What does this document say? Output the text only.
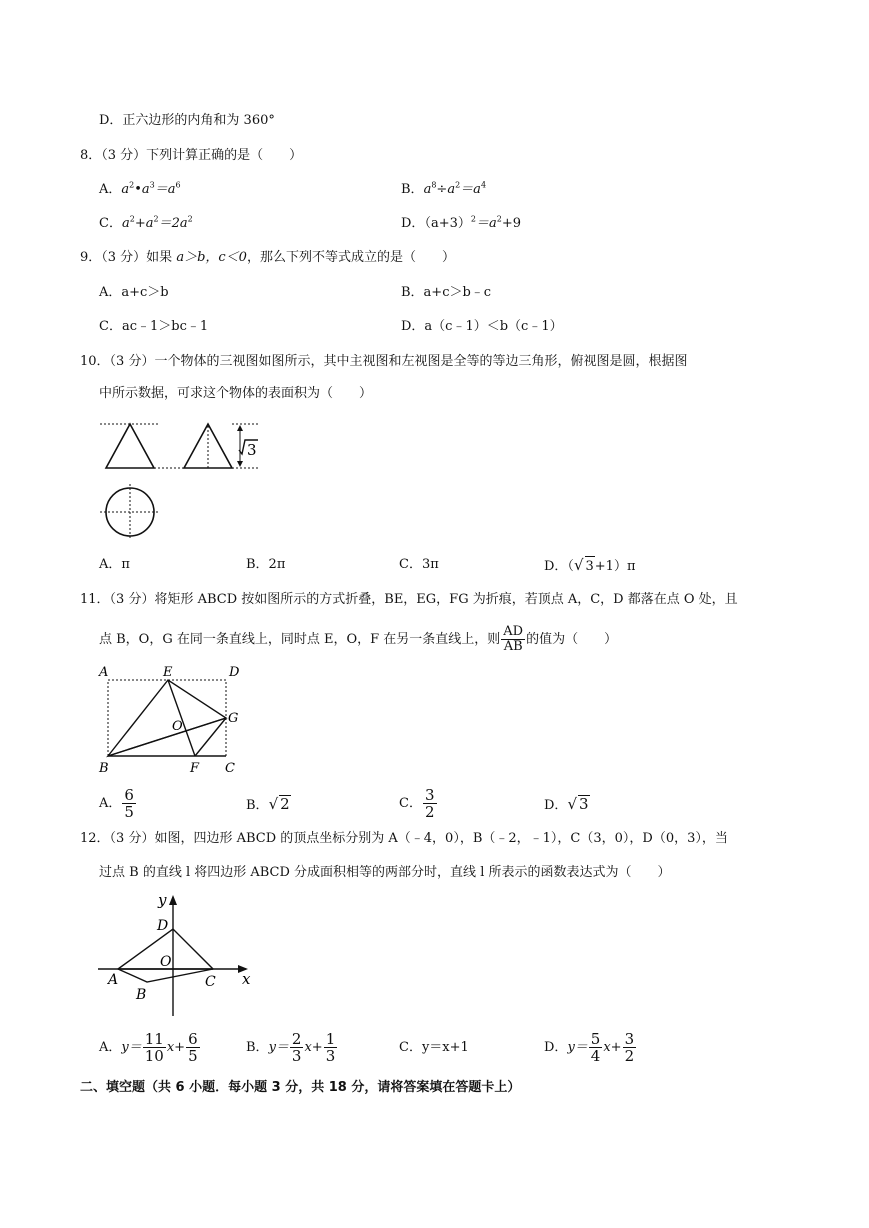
D．正六边形的内角和为 360°
8．（3 分）下列计算正确的是（　　）
A．$a^2•a^3=a^6$	B．$a^8\div a^2=a^4$
C．$a^2+a^2=2a^2$	D．$(a+3)^2=a^2+9$
9．（3 分）如果 a＞b，c＜0，那么下列不等式成立的是（　　）
A．a+c＞b	B．a+c＞b﹣c
C．ac﹣1＞bc﹣1	D．a（c﹣1）＜b（c﹣1）
10．（3 分）一个物体的三视图如图所示，其中主视图和左视图是全等的等边三角形，俯视图是圆，根据图
中所示数据，可求这个物体的表面积为（　　）
3
A．π	B．2π	C．3π	D．（√ 3+1）π
11．（3 分）将矩形 ABCD 按如图所示的方式折叠，BE，EG，FG 为折痕，若顶点 A，C，D 都落在点 O 处，且
点 B，O，G 在同一条直线上，同时点 E，O，F 在另一条直线上，则 $\frac{AD}{AB}$ 的值为（　　）
A	E	D
O
G
B	F C
A． $\frac{6}{5}$	B．√ 2	C． $\frac{3}{2}$	D．√ 3
12．（3 分）如图，四边形 ABCD 的顶点坐标分别为 A（﹣4，0），B（﹣2，﹣1），C（3，0），D（0，3），当
过点 B 的直线 l 将四边形 ABCD 分成面积相等的两部分时，直线 l 所表示的函数表达式为（　　）
y
x
D
O
A
B
C
A．$y= \frac{11}{10} x+ \frac{6}{5}$	B．$y= \frac{2}{3} x+ \frac{1}{3}$	C．y＝x+1	D．$y= \frac{5}{4} x+ \frac{3}{2}$
二、填空题（共 6 小题．每小题 3 分，共 18 分，请将答案填在答题卡上）
